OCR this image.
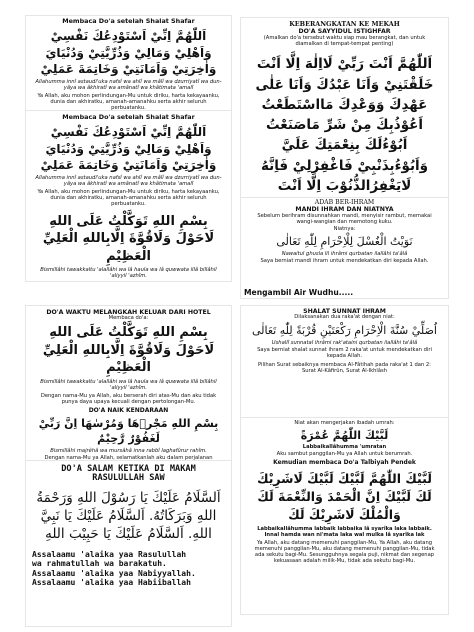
Membaca Do'a setelah Shalat Shafar
اَللّٰهُمَّ اِنِّيْ اَسْتَوْدِعُكَ نَفْسِيْ وَاَهْلِيْ وَمَالِيْ وَذُرِّيَّتِيْ وَدُنْيَايَ وَاٰخِرَتِيْ وَاَمَانَتِيْ وَخَاتِمَةَ عَمَلِيْ
Allahumma innî astaudi'uka nafsî wa ahlî wa mâlî wa dzurriyatî wa dun-yâya wa âkhiratî wa amânatî wa khâtimata 'amalî
Ya Allah, aku mohon perlindungan-Mu untuk diriku, harta kekayaanku, dunia dan akhiratku, amanah-amanahku serta akhir seluruh perbuatanku.
Membaca Do'a setelah Shalat Shafar
اَللّٰهُمَّ اِنِّيْ اَسْتَوْدِعُكَ نَفْسِيْ وَاَهْلِيْ وَمَالِيْ وَذُرِّيَّتِيْ وَدُنْيَايَ وَاٰخِرَتِيْ وَاَمَانَتِيْ وَخَاتِمَةَ عَمَلِيْ
Allahumma innî astaudi'uka nafsî wa ahlî wa mâlî wa dzurriyatî wa dun-yâya wa âkhiratî wa amânatî wa khâtimata 'amalî
Ya Allah, aku mohon perlindungan-Mu untuk diriku, harta kekayaanku, dunia dan akhiratku, amanah-amanahku serta akhir seluruh perbuatanku.
بِسْمِ اللهِ تَوَكَّلْتُ عَلَى اللهِ لَاحَوْلَ وَلَاقُوَّةَ اِلَّابِاللهِ الْعَلِيِّ الْعَظِيْمِ
Bismillâhi tawakkaltu 'alallâhi wa lâ haula wa lâ quwwata illâ billâhil 'aliyyil 'azhîm.
DO'A WAKTU MELANGKAH KELUAR DARI HOTEL
Membaca do'a:
بِسْمِ اللهِ تَوَكَّلْتُ عَلَى اللهِ لَاحَوْلَ وَلَاقُوَّةَ اِلَّابِاللهِ الْعَلِيِّ الْعَظِيْمِ
Bismillâhi tawakkaltu 'alallâhi wa lâ haula wa lâ quwwata illâ billâhil 'aliyyil 'azhîm.
Dengan nama-Mu ya Allah, aku berserah diri atas-Mu dan aku tidak punya daya upaya kecuali dengan pertolongan-Mu.
DO'A NAIK KENDARAAN
بِسْمِ اللهِ مَجْرٖهَا وَمُرْسٰهَا اِنَّ رَبِّيْ لَغَفُوْرٌ رَّحِيْمٌ
Bismillâhi majrêhâ wa mursâhâ inna rabbî laghafûrur rahîm.
Dengan nama-Mu ya Allah, selamatkanlah aku dalam perjalanan
DO'A SALAM KETIKA DI MAKAM RASULULLAH SAW
اَلسَّلَامُ عَلَيْكَ يَا رَسُوْلَ اللهِ وَرَحْمَةُ اللهِ وَبَرَكَاتُهُ. اَلسَّلَامُ عَلَيْكَ يَا نَبِيَّ اللهِ. اَلسَّلَامُ عَلَيْكَ يَا حَبِيْبَ اللهِ
Assalaamu 'alaika yaa Rasulullah
wa rahmatullah wa barakatuh.
Assalaamu 'alaika yaa Nabiyyallah.
Assalaamu 'alaika yaa Habiiballah
KEBERANGKATAN KE MEKAH
DO'A SAYYIDUL ISTIGHFAR
(Amalkan do'a tersebut waktu siap mau berangkat, dan untuk diamalkan di tempat-tempat penting)
اَللّٰهُمَّ اَنْتَ رَبِّيْ لَااِلٰهَ اِلَّا اَنْتَ خَلَقْتَنِيْ وَاَنَا عَبْدُكَ وَاَنَا عَلٰى عَهْدِكَ وَوَعْدِكَ مَااسْتَطَعْتُ اَعُوْذُبِكَ مِنْ شَرِّ مَاصَنَعْتُ اَبُوْءُلَكَ بِنِعْمَتِكَ عَلَيَّ وَاَبُوْءُبِذَنْبِيْ فَاغْفِرْلِيْ فَاِنَّهُ لَايَغْفِرُالذُّنُوْبَ اِلَّا اَنْتَ
ADAB BER-IHRAM
MANDI IHRAM DAN NIATNYA
Sebelum berihram disunnahkan mandi, menyisir rambut, memakai wangi-wangian dan memotong kuku.
Niatnya:
نَوَيْتُ الْغُسْلَ لِلْاِحْرَامِ لِلّٰهِ تَعَالٰى
Nawaitul ghusla lil ihrâmi qurbatan ilallâhi ta'âlâ
Saya berniat mandi ihram untuk mendekatkan diri kepada Allah.
Mengambil Air Wudhu.....
SHALAT SUNNAT IHRAM
Dilaksanakan dua raka'at dengan niat:
اُصَلِّيْ سُنَّةَ الْاِحْرَامِ رَكْعَتَيْنِ قُرْبَةً لِلّٰهِ تَعَالٰى
Ushallî sunnatal ihrâmi rak'ataini qurbatan ilallâhi ta'âlâ
Saya berniat shalat sunnat ihram 2 raka'at untuk mendekatkan diri kepada Allah.
Pilihan Surat sebaiknya membaca Al-Fâtihah pada raka'at 1 dan 2: Surat Al-Kâfirûn, Surat Al-Ikhlâsh
Niat akan mengerjakan ibadah umrah:
لَبَّيْكَ اللّٰهُمَّ عُمْرَةً
Labbaikallâhumma 'umratan
Aku sambut panggilan-Mu ya Allah untuk berumrah.
Kemudian membaca Do'a Talbiyah Pendek
لَبَّيْكَ اللّٰهُمَّ لَبَّيْكَ لَبَّيْكَ لَاشَرِيْكَ لَكَ لَبَّيْكَ اِنَّ الْحَمْدَ وَالنِّعْمَةَ لَكَ وَالْمُلْكَ لَاشَرِيْكَ لَكَ
Labbaikallâhumma labbaik labbaika lâ syarîka laka labbaik. Innal hamda wan ni'mata laka wal mulka lâ syarîka lak
Ya Allah, aku datang memenuhi panggilan-Mu, Ya Allah, aku datang memenuhi panggilan-Mu, aku datang memenuhi panggilan-Mu, tidak ada sekutu bagi-Mu. Sesungguhnya segala puji, nikmat dan segenap kekuasaan adalah milik-Mu, tidak ada sekutu bagi-Mu.
